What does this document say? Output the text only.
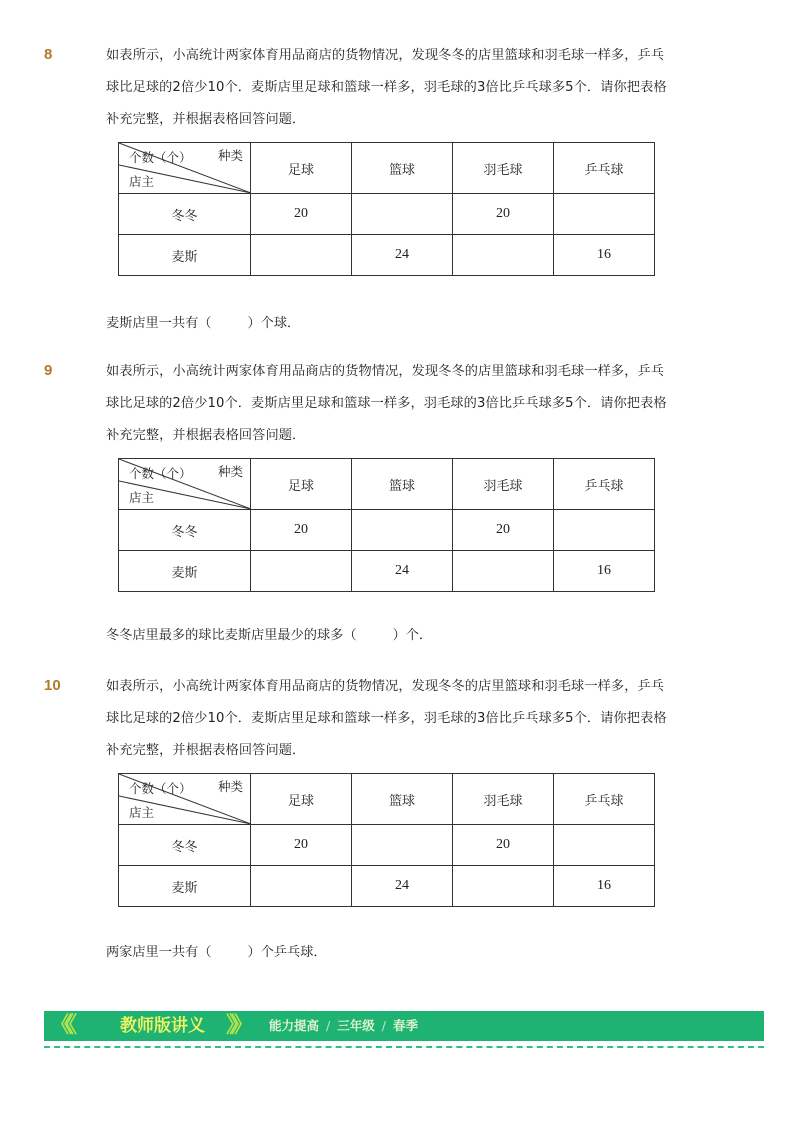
8	如表所示，小高统计两家体育用品商店的货物情况，发现冬冬的店里篮球和羽毛球一样多，乒乓
球比足球的2倍少10个．麦斯店里足球和篮球一样多，羽毛球的3倍比乒乓球多5个．请你把表格
补充完整，并根据表格回答问题．
个数（个） 种类
店主	足球	篮球	羽毛球	乒乓球
冬冬	20		20	
麦斯		24		16
麦斯店里一共有（	）个球．
9	如表所示，小高统计两家体育用品商店的货物情况，发现冬冬的店里篮球和羽毛球一样多，乒乓
球比足球的2倍少10个．麦斯店里足球和篮球一样多，羽毛球的3倍比乒乓球多5个．请你把表格
补充完整，并根据表格回答问题．
个数（个） 种类
店主	足球	篮球	羽毛球	乒乓球
冬冬	20		20	
麦斯		24		16
冬冬店里最多的球比麦斯店里最少的球多（	）个．
10	如表所示，小高统计两家体育用品商店的货物情况，发现冬冬的店里篮球和羽毛球一样多，乒乓
球比足球的2倍少10个．麦斯店里足球和篮球一样多，羽毛球的3倍比乒乓球多5个．请你把表格
补充完整，并根据表格回答问题．
个数（个） 种类
店主	足球	篮球	羽毛球	乒乓球
冬冬	20		20	
麦斯		24		16
两家店里一共有（	）个乒乓球．
《《	教师版讲义 》》 能力提高 / 三年级 / 春季
